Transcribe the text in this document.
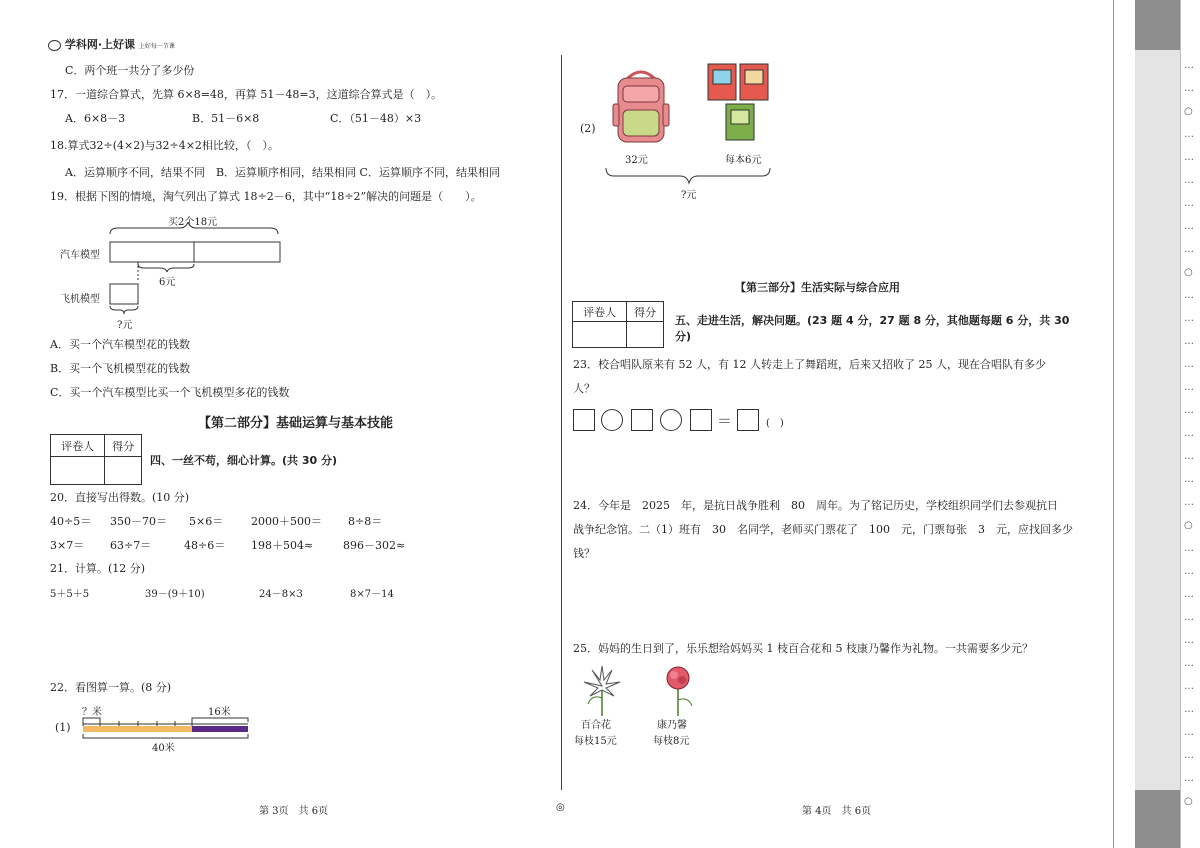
学科网·上好课 上好每一节课
C．两个班一共分了多少份
17．一道综合算式，先算 6×8=48，再算 51－48=3，这道综合算式是（　）。
A．6×8－3	B．51－6×8	C．（51－48）×3
18.算式32÷(4×2)与32÷4×2相比较，（　）。
A．运算顺序不同，结果不同　B．运算顺序相同，结果相同 C．运算顺序不同，结果相同
19．根据下图的情境，淘气列出了算式 18÷2－6，其中“18÷2”解决的问题是（　　）。
买2个18元
汽车模型
6元
飞机模型
?元
A．买一个汽车模型花的钱数
B．买一个飞机模型花的钱数
C．买一个汽车模型比买一个飞机模型多花的钱数
【第二部分】基础运算与基本技能
评卷人	得分

四、一丝不苟，细心计算。(共 30 分)
20．直接写出得数。(10 分)
40÷5＝ 350－70＝ 5×6＝	2000＋500＝ 8÷8＝
3×7＝ 63÷7＝	48÷6＝ 198＋504≈	896－302≈
21．计算。(12 分)
5＋5＋5	39－(9＋10)	24－8×3	8×7－14
22．看图算一算。(8 分)
(1)
？米	16米
40米
第 3页　共 6页	◎
(2)
32元	每本6元
?元
【第三部分】生活实际与综合应用
评卷人	得分

五、走进生活，解决问题。(23 题 4 分，27 题 8 分，其他题每题 6 分，共 30
分)
23．校合唱队原来有 52 人，有 12 人转走上了舞蹈班，后来又招收了 25 人，现在合唱队有多少
人？
＝	(　)
24．今年是　2025　年，是抗日战争胜利　80　周年。为了铭记历史，学校组织同学们去参观抗日
战争纪念馆。二（1）班有　30　名同学，老师买门票花了　100　元，门票每张　3　元，应找回多少
钱？
25．妈妈的生日到了，乐乐想给妈妈买 1 枝百合花和 5 枝康乃馨作为礼物。一共需要多少元？
百合花
每枝15元
康乃馨
每枝8元
第 4页　共 6页
…
…
○
…
…
…
…
…
…
○
…
…
…
…
…
…
…
…
…
…
○
…
…
…
…
…
…
…
…
…
…
…
○
